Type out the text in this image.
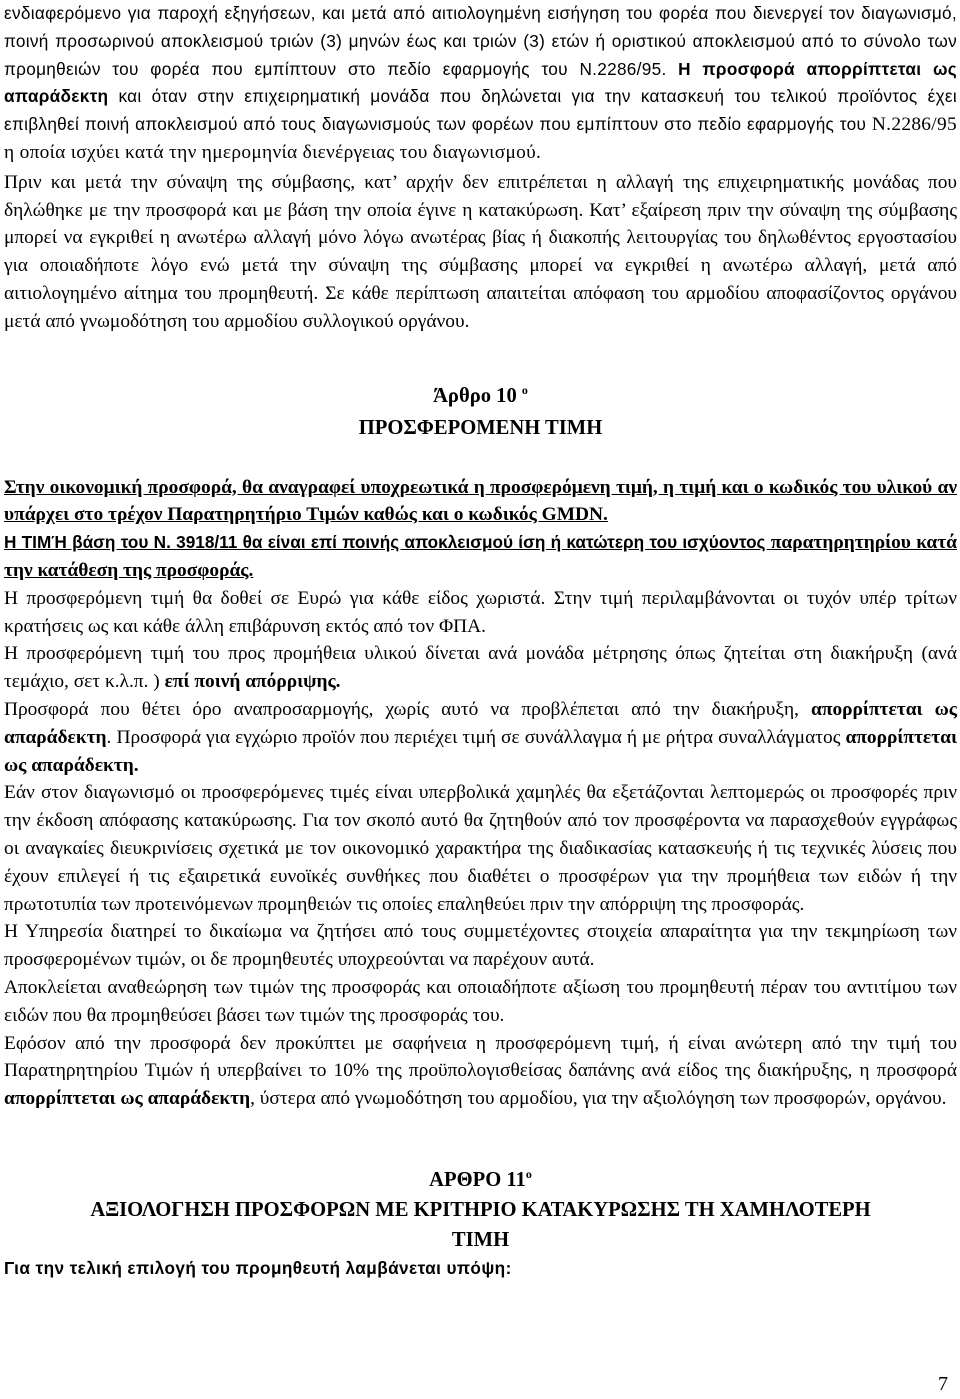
ενδιαφερόμενο για παροχή εξηγήσεων, και μετά από αιτιολογημένη εισήγηση του φορέα που διενεργεί τον διαγωνισμό, ποινή προσωρινού αποκλεισμού τριών (3) μηνών έως και τριών (3) ετών ή οριστικού αποκλεισμού από το σύνολο των προμηθειών του φορέα που εμπίπτουν στο πεδίο εφαρμογής του Ν.2286/95. Η προσφορά απορρίπτεται ως απαράδεκτη και όταν στην επιχειρηματική μονάδα που δηλώνεται για την κατασκευή του τελικού προϊόντος έχει επιβληθεί ποινή αποκλεισμού από τους διαγωνισμούς των φορέων που εμπίπτουν στο πεδίο εφαρμογής του Ν.2286/95 η οποία ισχύει κατά την ημερομηνία διενέργειας του διαγωνισμού.

Πριν και μετά την σύναψη της σύμβασης, κατ’ αρχήν δεν επιτρέπεται η αλλαγή της επιχειρηματικής μονάδας που δηλώθηκε με την προσφορά και με βάση την οποία έγινε η κατακύρωση. Κατ’ εξαίρεση πριν την σύναψη της σύμβασης μπορεί να εγκριθεί η ανωτέρω αλλαγή μόνο λόγω ανωτέρας βίας ή διακοπής λειτουργίας του δηλωθέντος εργοστασίου για οποιαδήποτε λόγο ενώ μετά την σύναψη της σύμβασης μπορεί να εγκριθεί η ανωτέρω αλλαγή, μετά από αιτιολογημένο αίτημα του προμηθευτή. Σε κάθε περίπτωση απαιτείται απόφαση του αρμοδίου αποφασίζοντος οργάνου μετά από γνωμοδότηση του αρμοδίου συλλογικού οργάνου.

Άρθρο 10 $^o$

ΠΡΟΣΦΕΡΟΜΕΝΗ ΤΙΜΗ

Στην οικονομική προσφορά, θα αναγραφεί υποχρεωτικά η προσφερόμενη τιμή, η τιμή και ο κωδικός του υλικού αν υπάρχει στο τρέχον Παρατηρητήριο Τιμών καθώς και ο κωδικός GMDN.

Η ΤΙΜΉ βάση του Ν. 3918/11 θα είναι επί ποινής αποκλεισμού ίση ή κατώτερη του ισχύοντος παρατηρητηρίου κατά την κατάθεση της προσφοράς.

Η προσφερόμενη τιμή θα δοθεί σε Ευρώ για κάθε είδος χωριστά. Στην τιμή περιλαμβάνονται οι τυχόν υπέρ τρίτων κρατήσεις ως και κάθε άλλη επιβάρυνση εκτός από τον ΦΠΑ.

Η προσφερόμενη τιμή του προς προμήθεια υλικού δίνεται ανά μονάδα μέτρησης όπως ζητείται στη διακήρυξη (ανά τεμάχιο, σετ κ.λ.π. ) επί ποινή απόρριψης.

Προσφορά που θέτει όρο αναπροσαρμογής, χωρίς αυτό να προβλέπεται από την διακήρυξη, απορρίπτεται ως απαράδεκτη. Προσφορά για εγχώριο προϊόν που περιέχει τιμή σε συνάλλαγμα ή με ρήτρα συναλλάγματος απορρίπτεται ως απαράδεκτη.

Εάν στον διαγωνισμό οι προσφερόμενες τιμές είναι υπερβολικά χαμηλές θα εξετάζονται λεπτομερώς οι προσφορές πριν την έκδοση απόφασης κατακύρωσης. Για τον σκοπό αυτό θα ζητηθούν από τον προσφέροντα να παρασχεθούν εγγράφως οι αναγκαίες διευκρινίσεις σχετικά με τον οικονομικό χαρακτήρα της διαδικασίας κατασκευής ή τις τεχνικές λύσεις που έχουν επιλεγεί ή τις εξαιρετικά ευνοϊκές συνθήκες που διαθέτει ο προσφέρων για την προμήθεια των ειδών ή την πρωτοτυπία των προτεινόμενων προμηθειών τις οποίες επαληθεύει πριν την απόρριψη της προσφοράς.

Η Υπηρεσία διατηρεί το δικαίωμα να ζητήσει από τους συμμετέχοντες στοιχεία απαραίτητα για την τεκμηρίωση των προσφερομένων τιμών, οι δε προμηθευτές υποχρεούνται να παρέχουν αυτά.

Αποκλείεται αναθεώρηση των τιμών της προσφοράς και οποιαδήποτε αξίωση του προμηθευτή πέραν του αντιτίμου των ειδών που θα προμηθεύσει βάσει των τιμών της προσφοράς του.

Εφόσον από την προσφορά δεν προκύπτει με σαφήνεια η προσφερόμενη τιμή, ή είναι ανώτερη από την τιμή του Παρατηρητηρίου Τιμών ή υπερβαίνει το 10% της προϋπολογισθείσας δαπάνης ανά είδος της διακήρυξης, η προσφορά απορρίπτεται ως απαράδεκτη, ύστερα από γνωμοδότηση του αρμοδίου, για την αξιολόγηση των προσφορών, οργάνου.

ΑΡΘΡΟ $11^o$

ΑΞΙΟΛΟΓΗΣΗ ΠΡΟΣΦΟΡΩΝ ΜΕ ΚΡΙΤΗΡΙΟ ΚΑΤΑΚΥΡΩΣΗΣ ΤΗ ΧΑΜΗΛΟΤΕΡΗ

ΤΙΜΗ

Για την τελική επιλογή του προμηθευτή λαμβάνεται υπόψη:

7
